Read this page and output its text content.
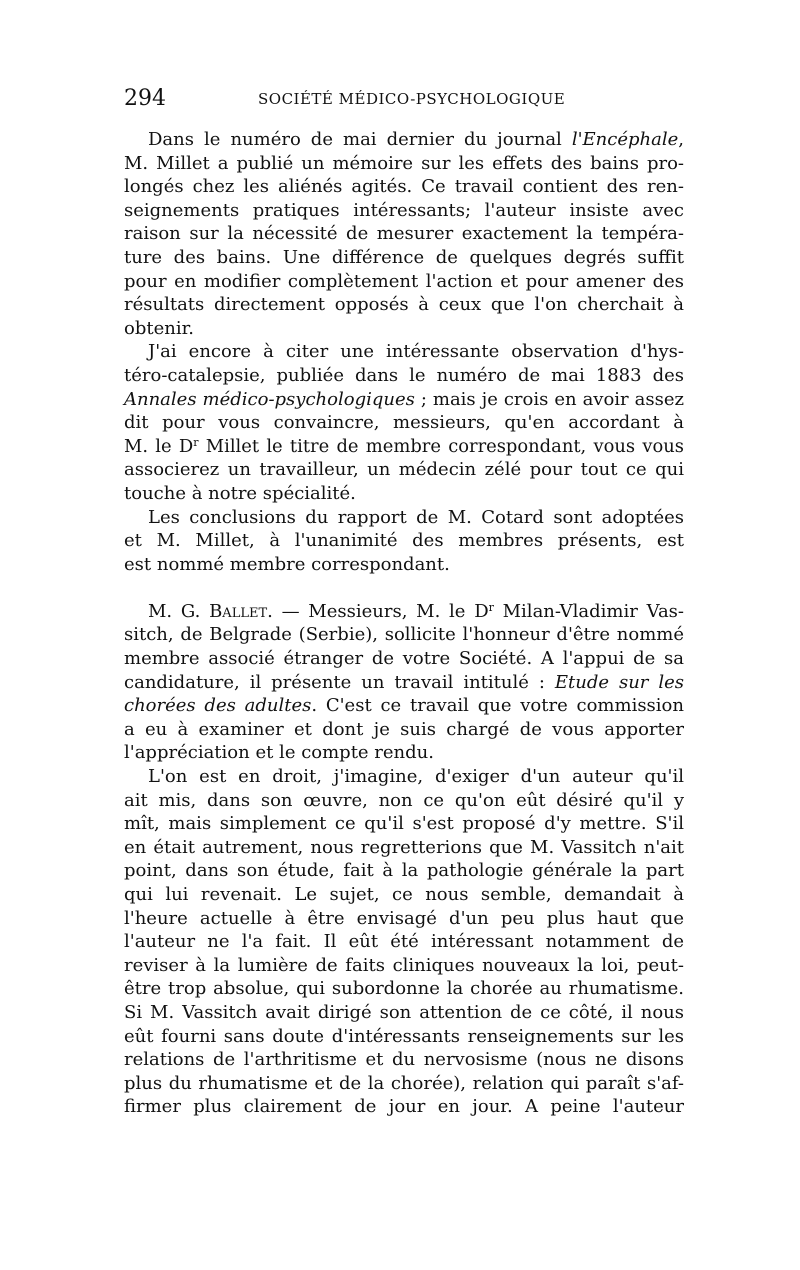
294	SOCIÉTÉ MÉDICO-PSYCHOLOGIQUE
Dans le numéro de mai dernier du journal l'Encéphale,
M. Millet a publié un mémoire sur les effets des bains pro-
longés chez les aliénés agités. Ce travail contient des ren-
seignements pratiques intéressants; l'auteur insiste avec
raison sur la nécessité de mesurer exactement la tempéra-
ture des bains. Une différence de quelques degrés suffit
pour en modifier complètement l'action et pour amener des
résultats directement opposés à ceux que l'on cherchait à
obtenir.
J'ai encore à citer une intéressante observation d'hys-
téro-catalepsie, publiée dans le numéro de mai 1883 des
Annales médico-psychologiques ; mais je crois en avoir assez
dit pour vous convaincre, messieurs, qu'en accordant à
M. le $D^r$ Millet le titre de membre correspondant, vous vous
associerez un travailleur, un médecin zélé pour tout ce qui
touche à notre spécialité.
Les conclusions du rapport de M. Cotard sont adoptées
et M. Millet, à l'unanimité des membres présents, est
est nommé membre correspondant.
M. G. Ballet. — Messieurs, M. le $D^r$ Milan-Vladimir Vas-
sitch, de Belgrade (Serbie), sollicite l'honneur d'être nommé
membre associé étranger de votre Société. A l'appui de sa
candidature, il présente un travail intitulé : Etude sur les
chorées des adultes. C'est ce travail que votre commission
a eu à examiner et dont je suis chargé de vous apporter
l'appréciation et le compte rendu.
L'on est en droit, j'imagine, d'exiger d'un auteur qu'il
ait mis, dans son œuvre, non ce qu'on eût désiré qu'il y
mît, mais simplement ce qu'il s'est proposé d'y mettre. S'il
en était autrement, nous regretterions que M. Vassitch n'ait
point, dans son étude, fait à la pathologie générale la part
qui lui revenait. Le sujet, ce nous semble, demandait à
l'heure actuelle à être envisagé d'un peu plus haut que
l'auteur ne l'a fait. Il eût été intéressant notamment de
reviser à la lumière de faits cliniques nouveaux la loi, peut-
être trop absolue, qui subordonne la chorée au rhumatisme.
Si M. Vassitch avait dirigé son attention de ce côté, il nous
eût fourni sans doute d'intéressants renseignements sur les
relations de l'arthritisme et du nervosisme (nous ne disons
plus du rhumatisme et de la chorée), relation qui paraît s'af-
firmer plus clairement de jour en jour. A peine l'auteur
